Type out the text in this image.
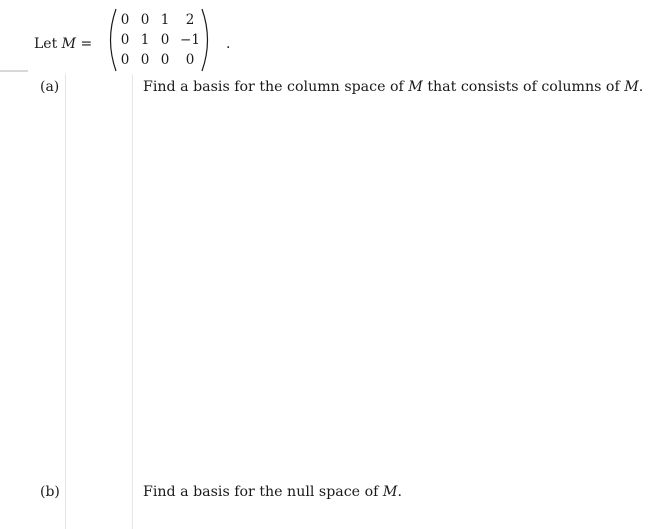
Let M =
0 0 1	2
0 1 0 −1
0 0 0	0
.
(a)	Find a basis for the column space of M that consists of columns of M.
(b)	Find a basis for the null space of M.
